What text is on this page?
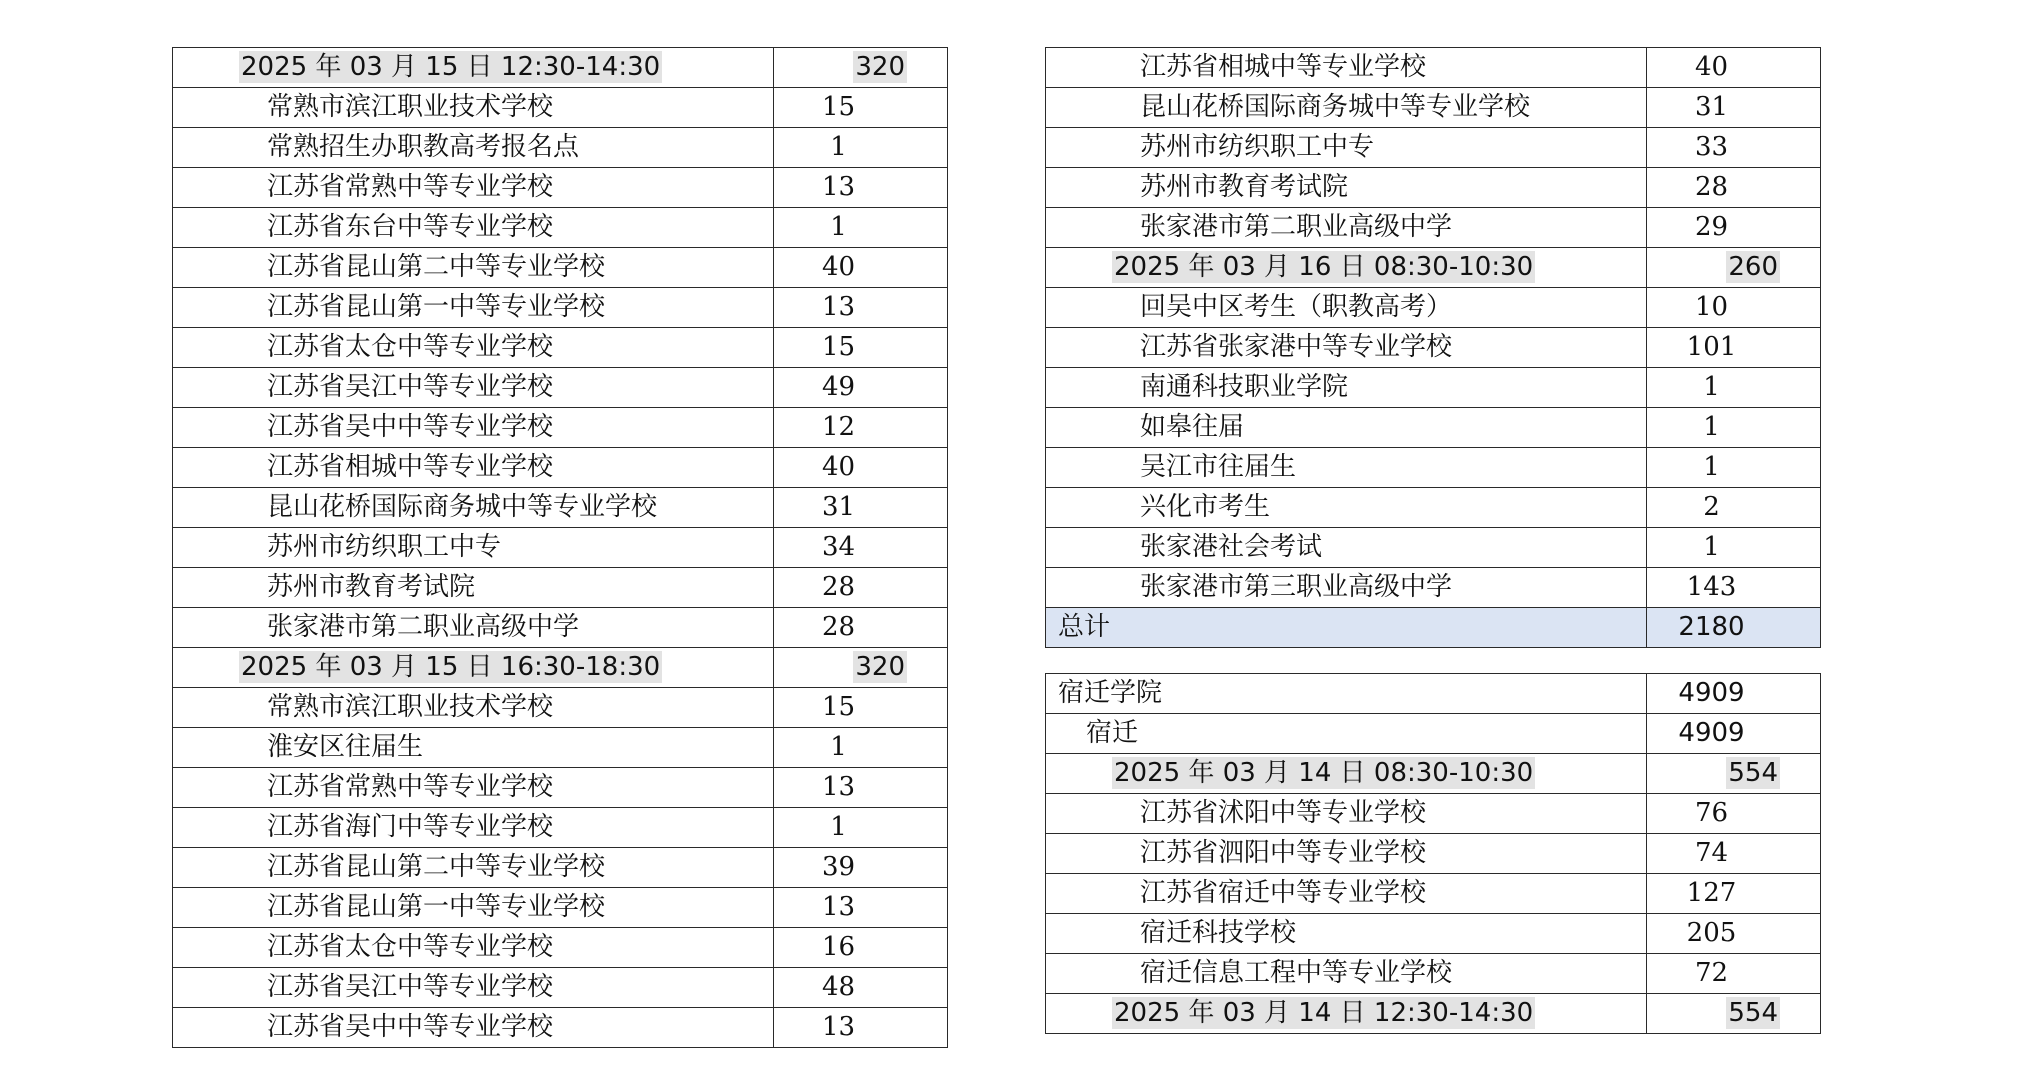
2025 年 03 月 15 日 12:30-14:30	320
常熟市滨江职业技术学校	15
常熟招生办职教高考报名点	1
江苏省常熟中等专业学校	13
江苏省东台中等专业学校	1
江苏省昆山第二中等专业学校	40
江苏省昆山第一中等专业学校	13
江苏省太仓中等专业学校	15
江苏省吴江中等专业学校	49
江苏省吴中中等专业学校	12
江苏省相城中等专业学校	40
昆山花桥国际商务城中等专业学校	31
苏州市纺织职工中专	34
苏州市教育考试院	28
张家港市第二职业高级中学	28
2025 年 03 月 15 日 16:30-18:30	320
常熟市滨江职业技术学校	15
淮安区往届生	1
江苏省常熟中等专业学校	13
江苏省海门中等专业学校	1
江苏省昆山第二中等专业学校	39
江苏省昆山第一中等专业学校	13
江苏省太仓中等专业学校	16
江苏省吴江中等专业学校	48
江苏省吴中中等专业学校	13
江苏省相城中等专业学校	40
昆山花桥国际商务城中等专业学校	31
苏州市纺织职工中专	33
苏州市教育考试院	28
张家港市第二职业高级中学	29
2025 年 03 月 16 日 08:30-10:30	260
回吴中区考生（职教高考）	10
江苏省张家港中等专业学校	101
南通科技职业学院	1
如皋往届	1
吴江市往届生	1
兴化市考生	2
张家港社会考试	1
张家港市第三职业高级中学	143
总计	2180
宿迁学院	4909
宿迁	4909
2025 年 03 月 14 日 08:30-10:30	554
江苏省沭阳中等专业学校	76
江苏省泗阳中等专业学校	74
江苏省宿迁中等专业学校	127
宿迁科技学校	205
宿迁信息工程中等专业学校	72
2025 年 03 月 14 日 12:30-14:30	554
